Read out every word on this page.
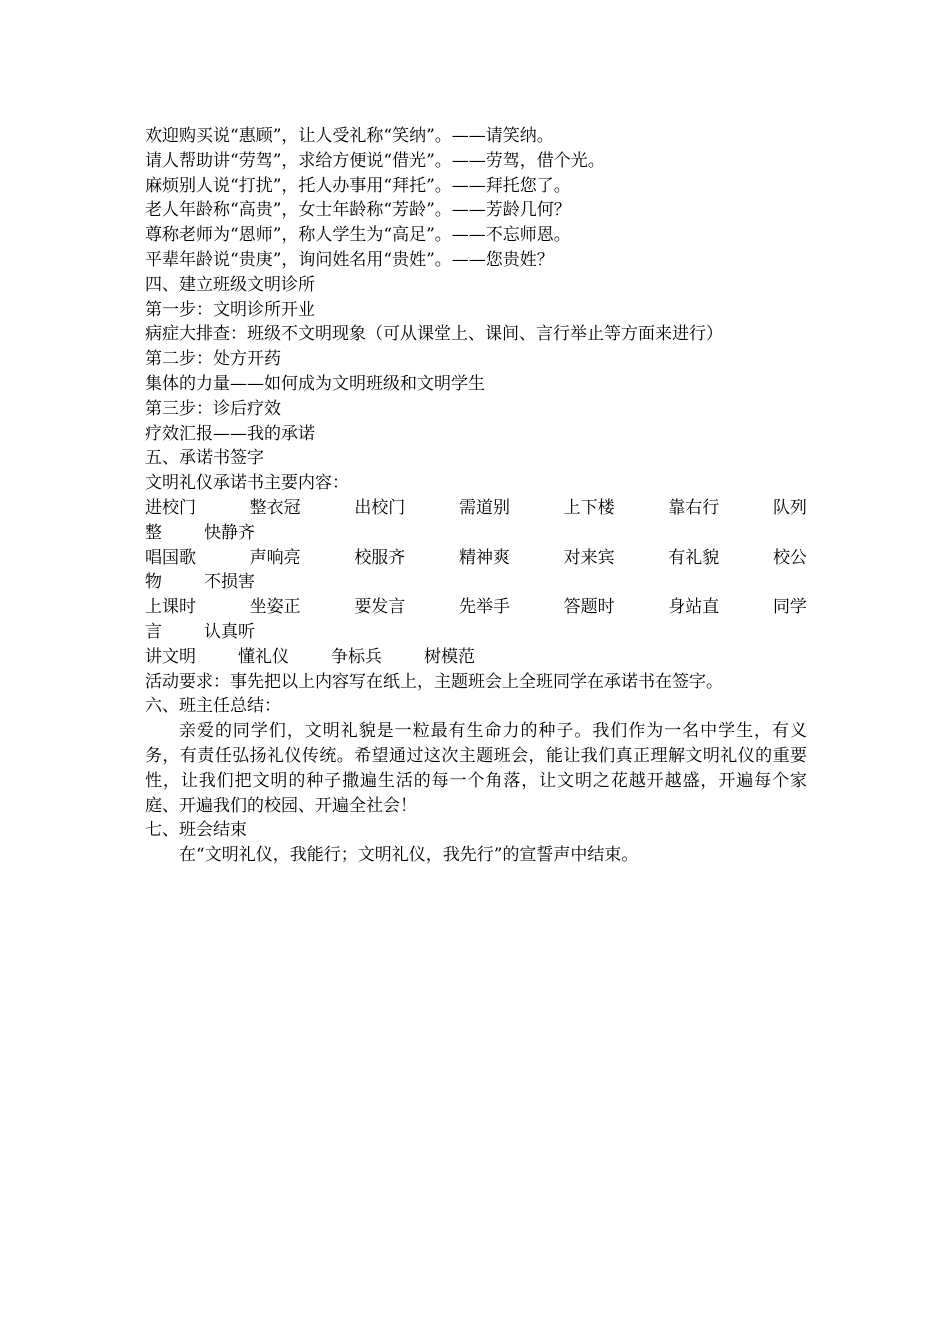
欢迎购买说“惠顾”，让人受礼称“笑纳”。——请笑纳。
请人帮助讲“劳驾”，求给方便说“借光”。——劳驾，借个光。
麻烦别人说“打扰”，托人办事用“拜托”。——拜托您了。
老人年龄称“高贵”，女士年龄称“芳龄”。——芳龄几何？
尊称老师为“恩师”，称人学生为“高足”。——不忘师恩。
平辈年龄说“贵庚”，询问姓名用“贵姓”。——您贵姓？
四、建立班级文明诊所
第一步：文明诊所开业
病症大排查：班级不文明现象（可从课堂上、课间、言行举止等方面来进行）
第二步：处方开药
集体的力量——如何成为文明班级和文明学生
第三步：诊后疗效
疗效汇报——我的承诺
五、承诺书签字
文明礼仪承诺书主要内容：
进校门	整衣冠	出校门	需道别	上下楼	靠右行	队列
整 快静齐
唱国歌	声响亮	校服齐	精神爽	对来宾	有礼貌	校公
物 不损害
上课时	坐姿正	要发言	先举手	答题时	身站直	同学
言 认真听
讲文明 懂礼仪 争标兵 树模范
活动要求：事先把以上内容写在纸上，主题班会上全班同学在承诺书在签字。
六、班主任总结：
亲爱的同学们，文明礼貌是一粒最有生命力的种子。我们作为一名中学生，有义务，有责任弘扬礼仪传统。希望通过这次主题班会，能让我们真正理解文明礼仪的重要性，让我们把文明的种子撒遍生活的每一个角落，让文明之花越开越盛，开遍每个家庭、开遍我们的校园、开遍全社会！
七、班会结束
在“文明礼仪，我能行；文明礼仪，我先行”的宣誓声中结束。
